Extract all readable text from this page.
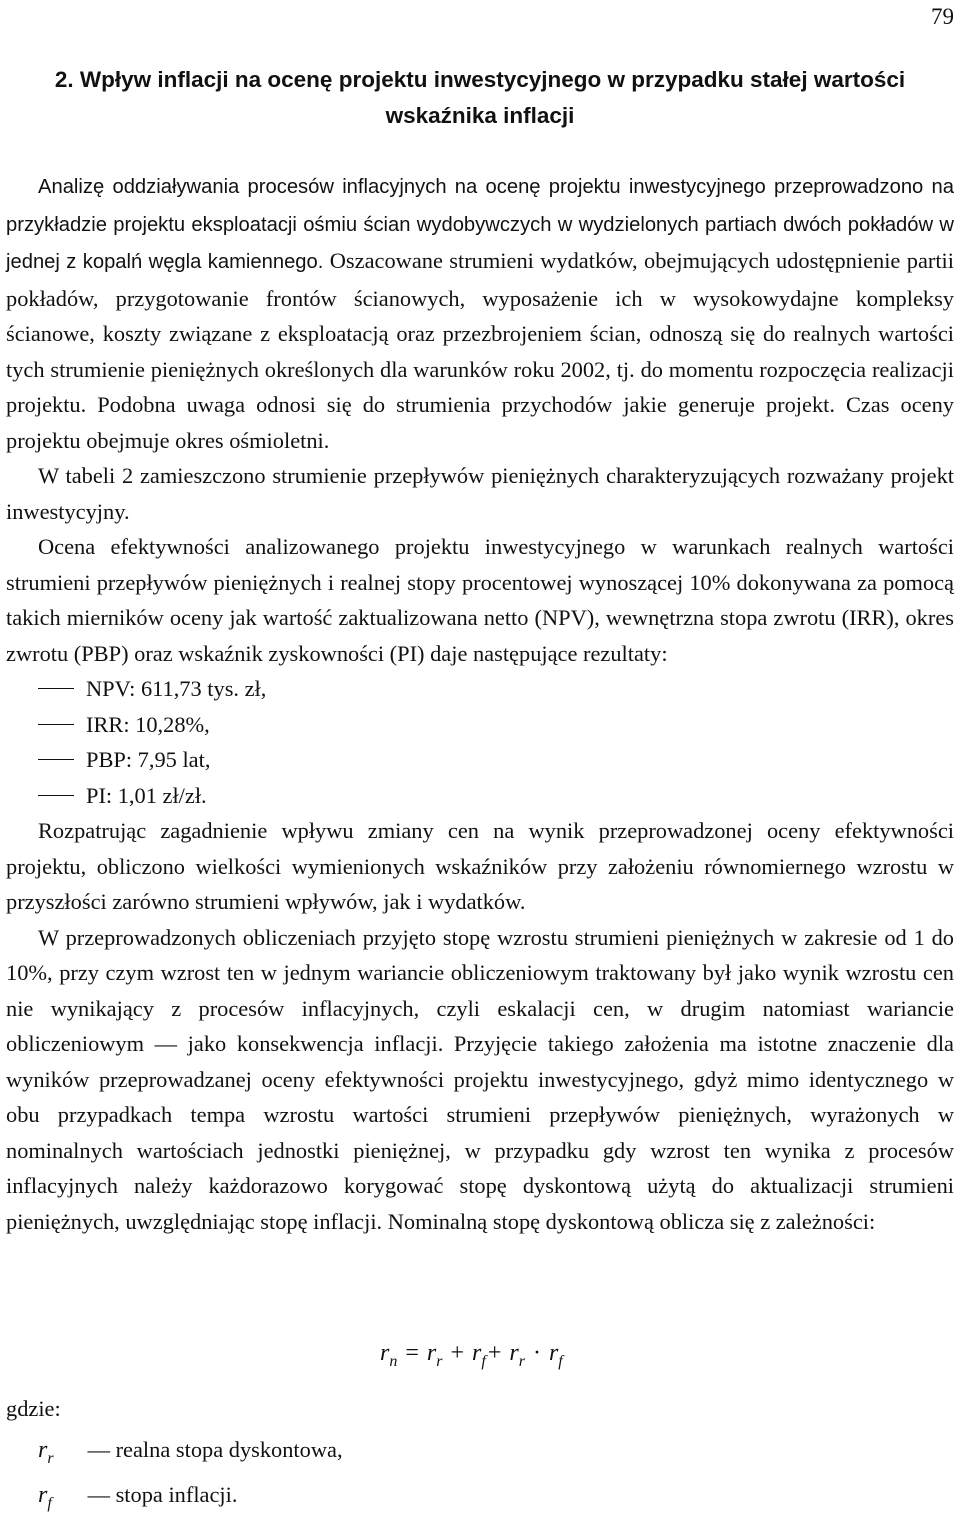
79
2. Wpływ inflacji na ocenę projektu inwestycyjnego w przypadku stałej wartości
wskaźnika inflacji

Analizę oddziaływania procesów inflacyjnych na ocenę projektu inwestycyjnego przeprowadzono na przykładzie projektu eksploatacji ośmiu ścian wydobywczych w wydzielonych partiach dwóch pokładów w jednej z kopalń węgla kamiennego. Oszacowane strumieni wydatków, obejmujących udostępnienie partii pokładów, przygotowanie frontów ścianowych, wyposażenie ich w wysokowydajne kompleksy ścianowe, koszty związane z eksploatacją oraz przezbrojeniem ścian, odnoszą się do realnych wartości tych strumienie pieniężnych określonych dla warunków roku 2002, tj. do momentu rozpoczęcia realizacji projektu. Podobna uwaga odnosi się do strumienia przychodów jakie generuje projekt. Czas oceny projektu obejmuje okres ośmioletni.

W tabeli 2 zamieszczono strumienie przepływów pieniężnych charakteryzujących rozważany projekt inwestycyjny.

Ocena efektywności analizowanego projektu inwestycyjnego w warunkach realnych wartości strumieni przepływów pieniężnych i realnej stopy procentowej wynoszącej 10% dokonywana za pomocą takich mierników oceny jak wartość zaktualizowana netto (NPV), wewnętrzna stopa zwrotu (IRR), okres zwrotu (PBP) oraz wskaźnik zyskowności (PI) daje następujące rezultaty:

NPV: 611,73 tys. zł,
IRR: 10,28%,
PBP: 7,95 lat,
PI: 1,01 zł/zł.

Rozpatrując zagadnienie wpływu zmiany cen na wynik przeprowadzonej oceny efektywności projektu, obliczono wielkości wymienionych wskaźników przy założeniu równomiernego wzrostu w przyszłości zarówno strumieni wpływów, jak i wydatków.

W przeprowadzonych obliczeniach przyjęto stopę wzrostu strumieni pieniężnych w zakresie od 1 do 10%, przy czym wzrost ten w jednym wariancie obliczeniowym traktowany był jako wynik wzrostu cen nie wynikający z procesów inflacyjnych, czyli eskalacji cen, w drugim natomiast wariancie obliczeniowym — jako konsekwencja inflacji. Przyjęcie takiego założenia ma istotne znaczenie dla wyników przeprowadzanej oceny efektywności projektu inwestycyjnego, gdyż mimo identycznego w obu przypadkach tempa wzrostu wartości strumieni przepływów pieniężnych, wyrażonych w nominalnych wartościach jednostki pieniężnej, w przypadku gdy wzrost ten wynika z procesów inflacyjnych należy każdorazowo korygować stopę dyskontową użytą do aktualizacji strumieni pieniężnych, uwzględniając stopę inflacji. Nominalną stopę dyskontową oblicza się z zależności:

$r_n = r_r + r_f+ r_r \cdot r_f$
gdzie:
$r_r$ — realna stopa dyskontowa,
$r_f$ — stopa inflacji.
